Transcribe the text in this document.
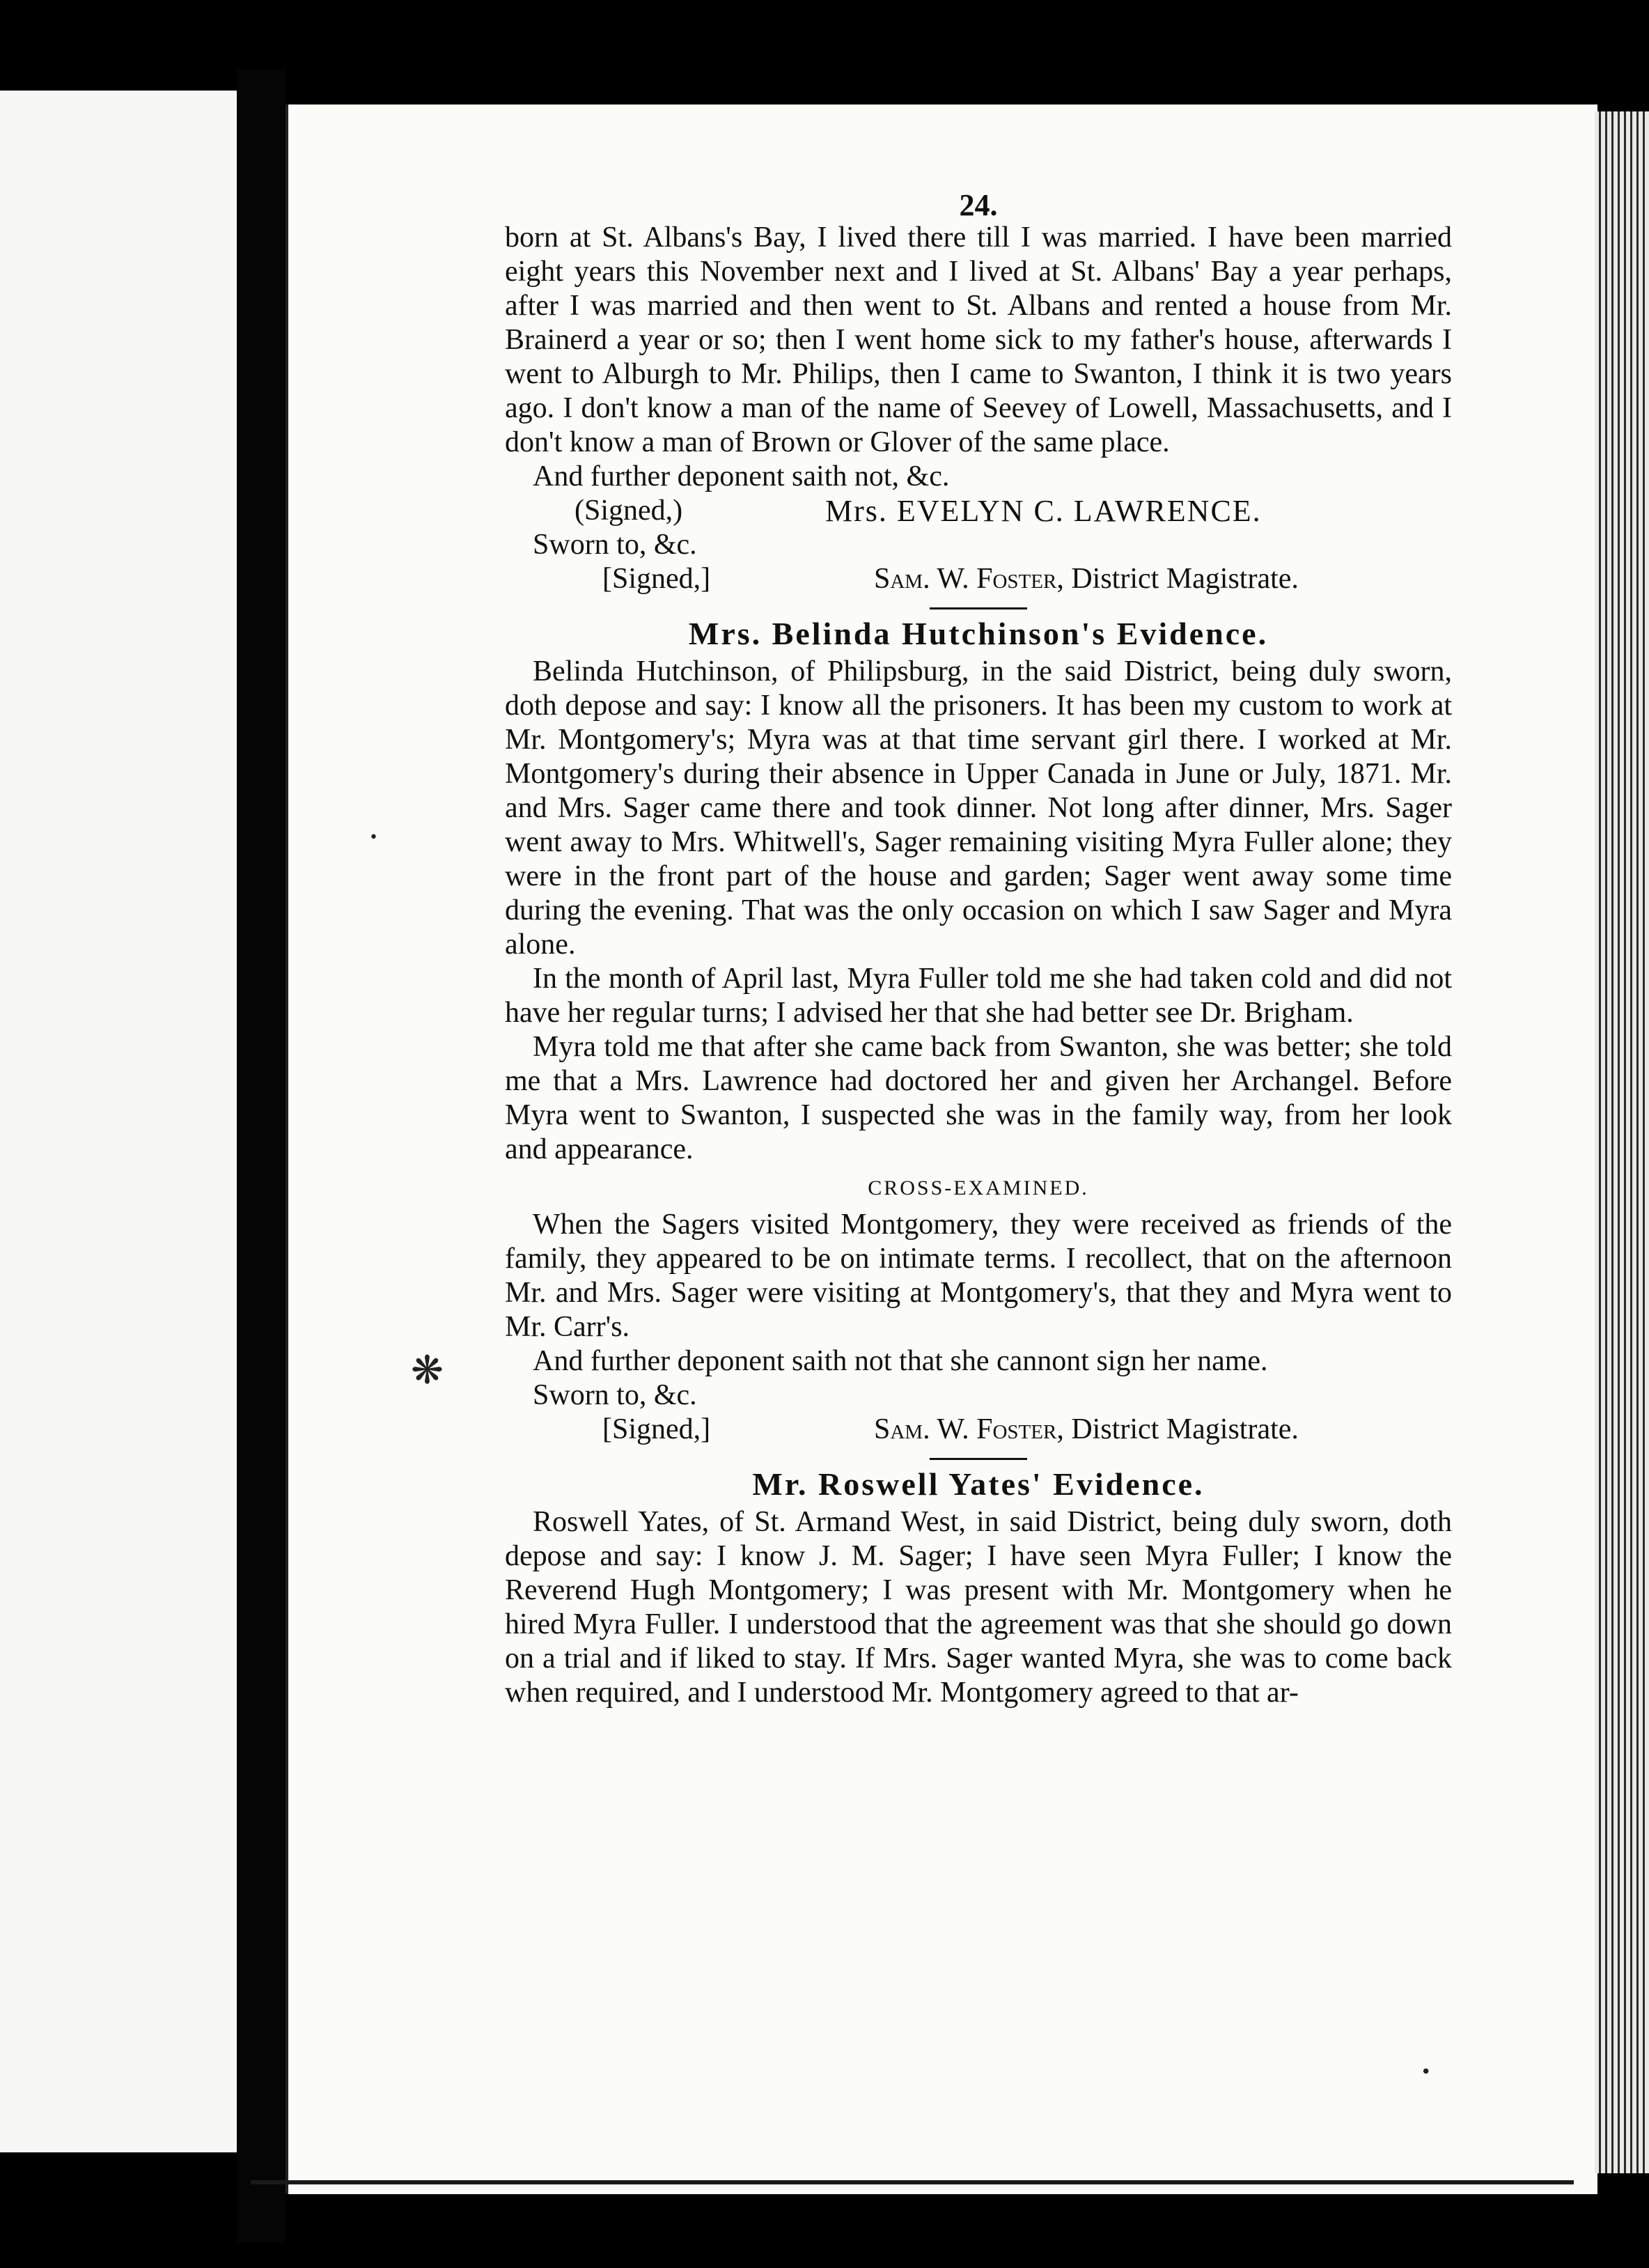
❋
•
•

24.

born at St. Albans's Bay, I lived there till I was married. I have been married eight years this November next and I lived at St. Albans' Bay a year perhaps, after I was married and then went to St. Albans and rented a house from Mr. Brainerd a year or so; then I went home sick to my father's house, afterwards I went to Alburgh to Mr. Philips, then I came to Swanton, I think it is two years ago. I don't know a man of the name of Seevey of Lowell, Massachusetts, and I don't know a man of Brown or Glover of the same place.

And further deponent saith not, &c.

(Signed,)	Mrs. EVELYN C. LAWRENCE.

Sworn to, &c.

[Signed,]	Sam. W. Foster,
District Magistrate.

Mrs. Belinda Hutchinson's Evidence.

Belinda Hutchinson, of Philipsburg, in the said District, being duly sworn, doth depose and say: I know all the prisoners. It has been my custom to work at Mr. Montgomery's; Myra was at that time servant girl there. I worked at Mr. Montgomery's during their absence in Upper Canada in June or July, 1871. Mr. and Mrs. Sager came there and took dinner. Not long after dinner, Mrs. Sager went away to Mrs. Whitwell's, Sager remaining visiting Myra Fuller alone; they were in the front part of the house and garden; Sager went away some time during the evening. That was the only occasion on which I saw Sager and Myra alone.

In the month of April last, Myra Fuller told me she had taken cold and did not have her regular turns; I advised her that she had better see Dr. Brigham.

Myra told me that after she came back from Swanton, she was better; she told me that a Mrs. Lawrence had doctored her and given her Archangel. Before Myra went to Swanton, I suspected she was in the family way, from her look and appearance.

CROSS-EXAMINED.

When the Sagers visited Montgomery, they were received as friends of the family, they appeared to be on intimate terms. I recollect, that on the afternoon Mr. and Mrs. Sager were visiting at Montgomery's, that they and Myra went to Mr. Carr's.

And further deponent saith not that she cannont sign her name.

Sworn to, &c.

[Signed,]	Sam. W. Foster,
District Magistrate.

Mr. Roswell Yates' Evidence.

Roswell Yates, of St. Armand West, in said District, being duly sworn, doth depose and say: I know J. M. Sager; I have seen Myra Fuller; I know the Reverend Hugh Montgomery; I was present with Mr. Montgomery when he hired Myra Fuller. I understood that the agreement was that she should go down on a trial and if liked to stay. If Mrs. Sager wanted Myra, she was to come back when required, and I understood Mr. Montgomery agreed to that ar-
